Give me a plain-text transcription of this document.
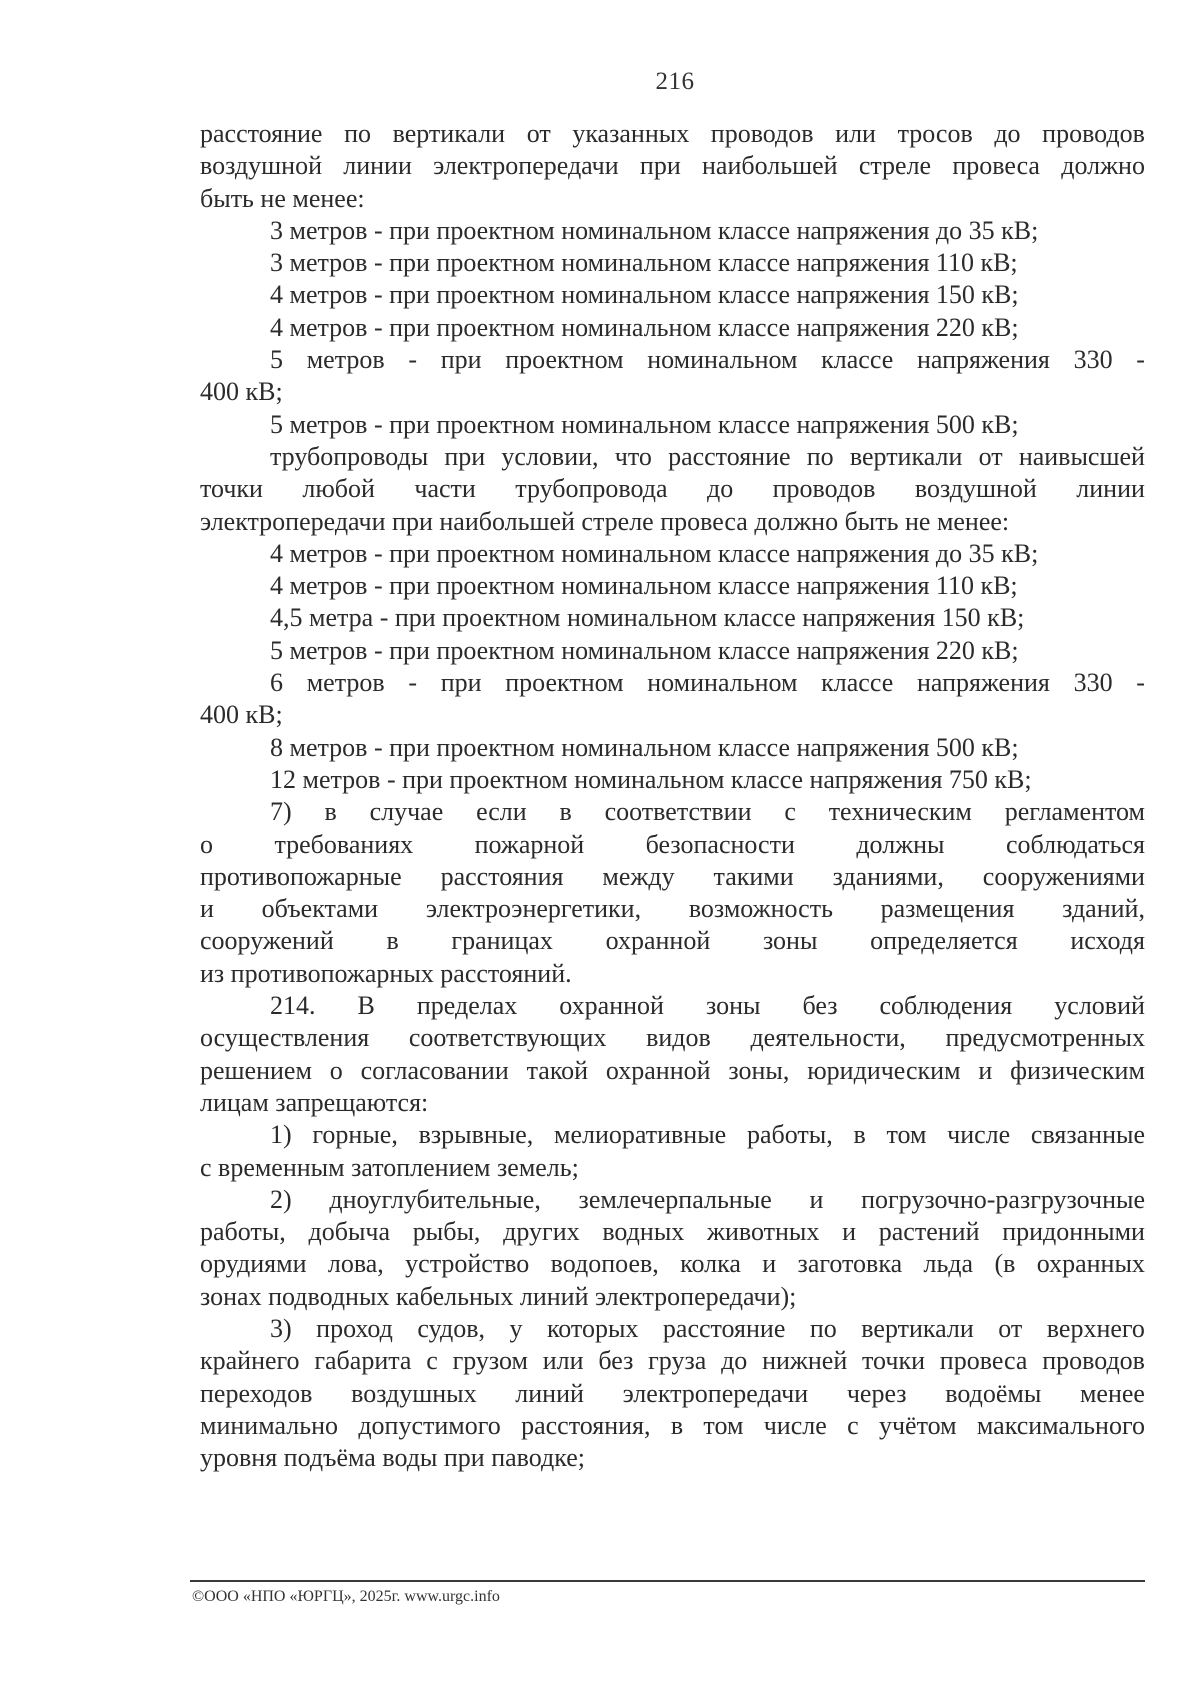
216
расстояние по вертикали от указанных проводов или тросов до проводов
воздушной линии электропередачи при наибольшей стреле провеса должно
быть не менее:
3 метров - при проектном номинальном классе напряжения до 35 кВ;
3 метров - при проектном номинальном классе напряжения 110 кВ;
4 метров - при проектном номинальном классе напряжения 150 кВ;
4 метров - при проектном номинальном классе напряжения 220 кВ;
5 метров - при проектном номинальном классе напряжения 330 -
400 кВ;
5 метров - при проектном номинальном классе напряжения 500 кВ;
трубопроводы при условии, что расстояние по вертикали от наивысшей
точки любой части трубопровода до проводов воздушной линии
электропередачи при наибольшей стреле провеса должно быть не менее:
4 метров - при проектном номинальном классе напряжения до 35 кВ;
4 метров - при проектном номинальном классе напряжения 110 кВ;
4,5 метра - при проектном номинальном классе напряжения 150 кВ;
5 метров - при проектном номинальном классе напряжения 220 кВ;
6 метров - при проектном номинальном классе напряжения 330 -
400 кВ;
8 метров - при проектном номинальном классе напряжения 500 кВ;
12 метров - при проектном номинальном классе напряжения 750 кВ;
7) в случае если в соответствии с техническим регламентом
о требованиях пожарной безопасности должны соблюдаться
противопожарные расстояния между такими зданиями, сооружениями
и объектами электроэнергетики, возможность размещения зданий,
сооружений в границах охранной зоны определяется исходя
из противопожарных расстояний.
214. В пределах охранной зоны без соблюдения условий
осуществления соответствующих видов деятельности, предусмотренных
решением о согласовании такой охранной зоны, юридическим и физическим
лицам запрещаются:
1) горные, взрывные, мелиоративные работы, в том числе связанные
с временным затоплением земель;
2) дноуглубительные, землечерпальные и погрузочно-разгрузочные
работы, добыча рыбы, других водных животных и растений придонными
орудиями лова, устройство водопоев, колка и заготовка льда (в охранных
зонах подводных кабельных линий электропередачи);
3) проход судов, у которых расстояние по вертикали от верхнего
крайнего габарита с грузом или без груза до нижней точки провеса проводов
переходов воздушных линий электропередачи через водоёмы менее
минимально допустимого расстояния, в том числе с учётом максимального
уровня подъёма воды при паводке;
©ООО «НПО «ЮРГЦ», 2025г. www.urgc.info
